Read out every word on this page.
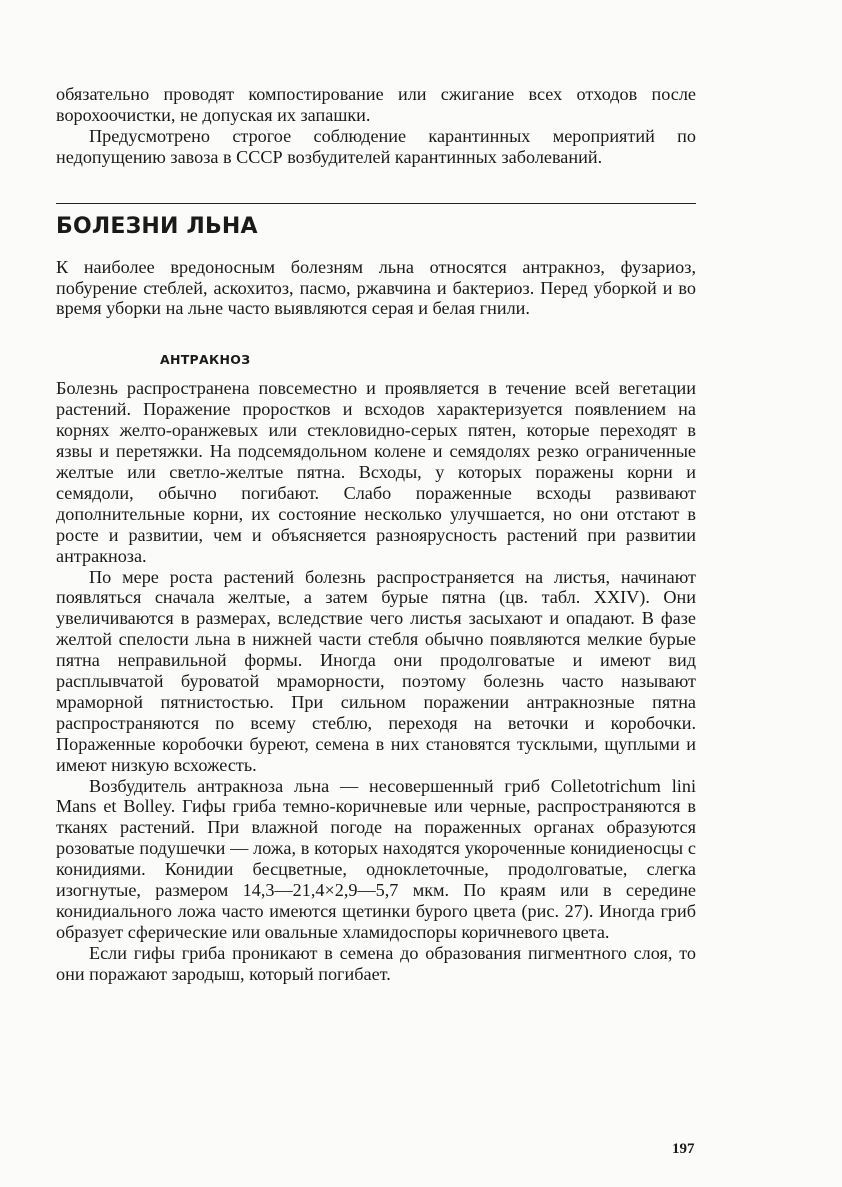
обязательно проводят компостирование или сжигание всех отходов после ворохоочистки, не допуская их запашки.

Предусмотрено строгое соблюдение карантинных мероприятий по недопущению завоза в СССР возбудителей карантинных заболеваний.

БОЛЕЗНИ ЛЬНА

К наиболее вредоносным болезням льна относятся антракноз, фузариоз, побурение стеблей, аскохитоз, пасмо, ржавчина и бактериоз. Перед уборкой и во время уборки на льне часто выявляются серая и белая гнили.

АНТРАКНОЗ

Болезнь распространена повсеместно и проявляется в течение всей вегетации растений. Поражение проростков и всходов характеризуется появлением на корнях желто-оранжевых или стекловидно-серых пятен, которые переходят в язвы и перетяжки. На подсемядольном колене и семядолях резко ограниченные желтые или светло-желтые пятна. Всходы, у которых поражены корни и семядоли, обычно погибают. Слабо пораженные всходы развивают дополнительные корни, их состояние несколько улучшается, но они отстают в росте и развитии, чем и объясняется разноярусность растений при развитии антракноза.

По мере роста растений болезнь распространяется на листья, начинают появляться сначала желтые, а затем бурые пятна (цв. табл. XXIV). Они увеличиваются в размерах, вследствие чего листья засыхают и опадают. В фазе желтой спелости льна в нижней части стебля обычно появляются мелкие бурые пятна неправильной формы. Иногда они продолговатые и имеют вид расплывчатой буроватой мраморности, поэтому болезнь часто называют мраморной пятнистостью. При сильном поражении антракнозные пятна распространяются по всему стеблю, переходя на веточки и коробочки. Пораженные коробочки буреют, семена в них становятся тусклыми, щуплыми и имеют низкую всхожесть.

Возбудитель антракноза льна — несовершенный гриб Colletotrichum lini Mans et Bolley. Гифы гриба темно-коричневые или черные, распространяются в тканях растений. При влажной погоде на пораженных органах образуются розоватые подушечки — ложа, в которых находятся укороченные конидиеносцы с конидиями. Конидии бесцветные, одноклеточные, продолговатые, слегка изогнутые, размером 14,3—21,4×2,9—5,7 мкм. По краям или в середине конидиального ложа часто имеются щетинки бурого цвета (рис. 27). Иногда гриб образует сферические или овальные хламидоспоры коричневого цвета.

Если гифы гриба проникают в семена до образования пигментного слоя, то они поражают зародыш, который погибает.

197
